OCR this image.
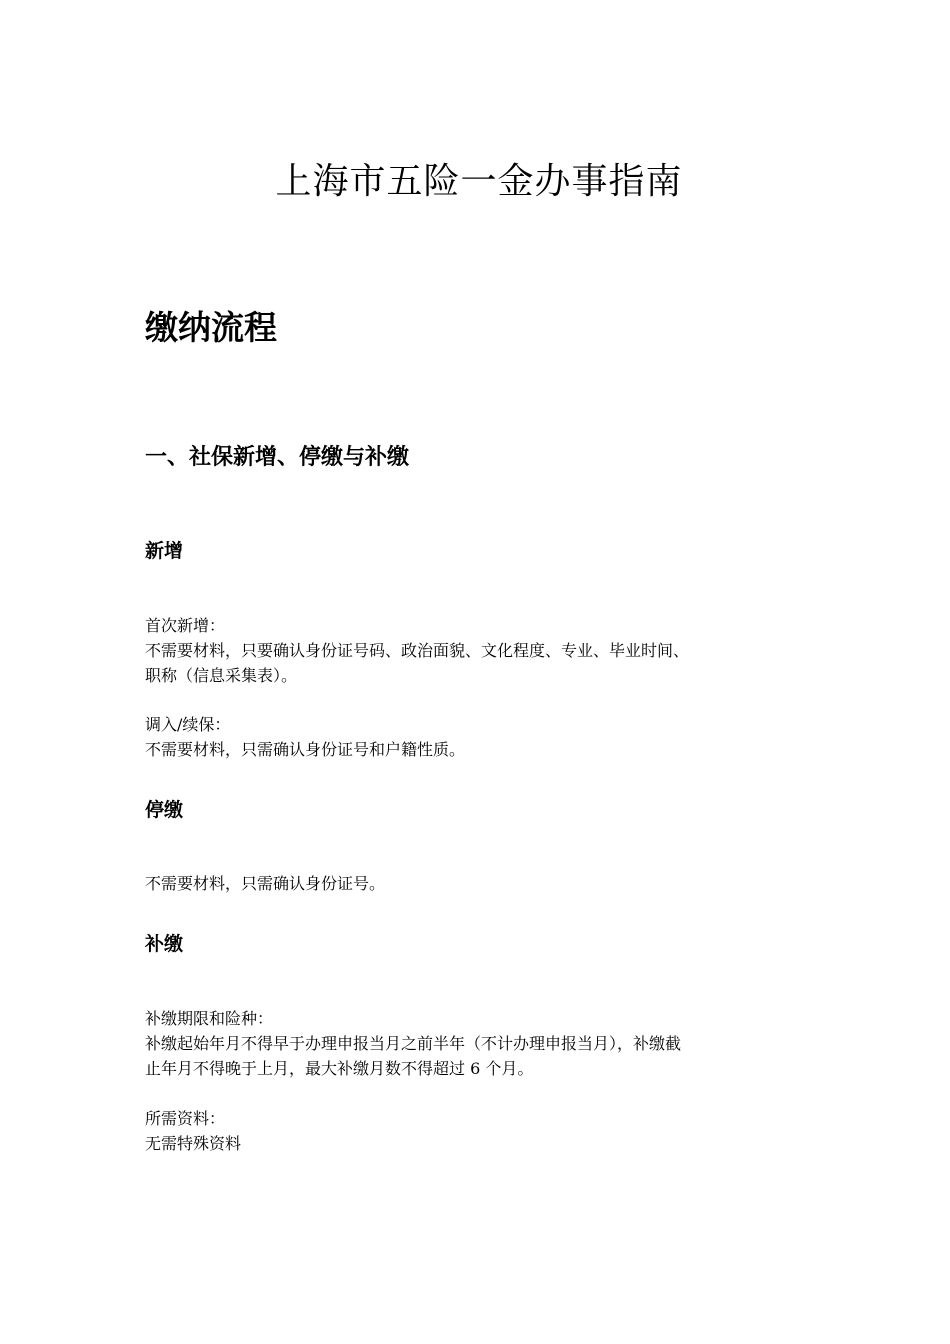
上海市五险一金办事指南
缴纳流程
一、社保新增、停缴与补缴
新增
首次新增：
不需要材料，只要确认身份证号码、政治面貌、文化程度、专业、毕业时间、
职称（信息采集表）。
调入/续保：
不需要材料，只需确认身份证号和户籍性质。
停缴
不需要材料，只需确认身份证号。
补缴
补缴期限和险种：
补缴起始年月不得早于办理申报当月之前半年（不计办理申报当月），补缴截
止年月不得晚于上月，最大补缴月数不得超过 6 个月。
所需资料：
无需特殊资料
